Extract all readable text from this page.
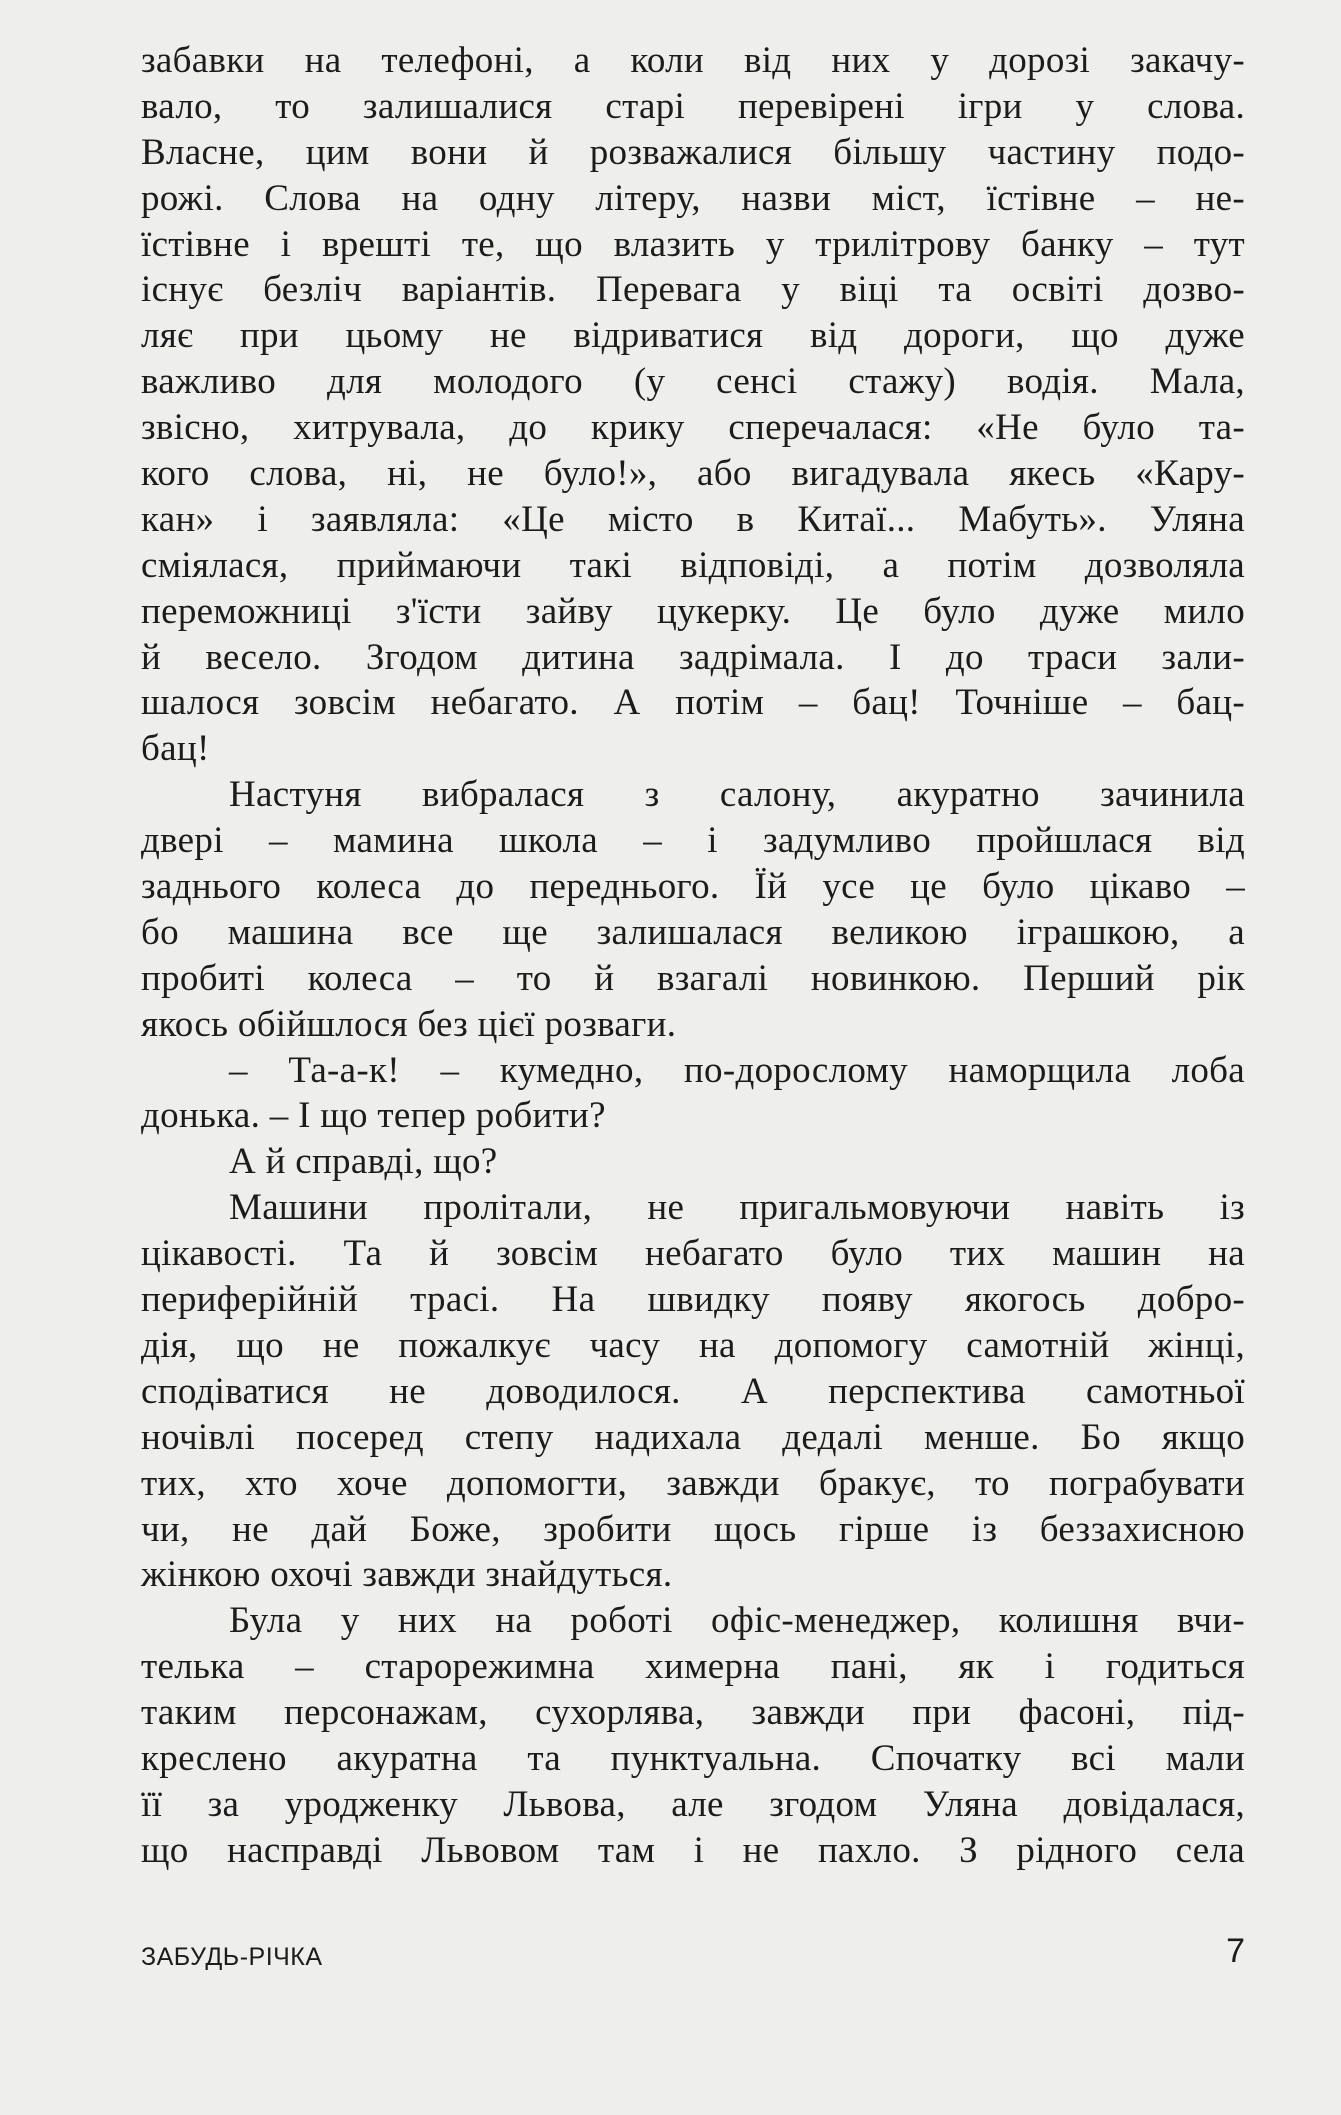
забавки на телефоні, а коли від них у дорозі закачу-
вало, то залишалися старі перевірені ігри у слова.
Власне, цим вони й розважалися більшу частину подо-
рожі. Слова на одну літеру, назви міст, їстівне – не-
їстівне і врешті те, що влазить у трилітрову банку – тут
існує безліч варіантів. Перевага у віці та освіті дозво-
ляє при цьому не відриватися від дороги, що дуже
важливо для молодого (у сенсі стажу) водія. Мала,
звісно, хитрувала, до крику сперечалася: «Не було та-
кого слова, ні, не було!», або вигадувала якесь «Кару-
кан» і заявляла: «Це місто в Китаї... Мабуть». Уляна
сміялася, приймаючи такі відповіді, а потім дозволяла
переможниці з'їсти зайву цукерку. Це було дуже мило
й весело. Згодом дитина задрімала. І до траси зали-
шалося зовсім небагато. А потім – бац! Точніше – бац-
бац!
Настуня вибралася з салону, акуратно зачинила
двері – мамина школа – і задумливо пройшлася від
заднього колеса до переднього. Їй усе це було цікаво –
бо машина все ще залишалася великою іграшкою, а
пробиті колеса – то й взагалі новинкою. Перший рік
якось обійшлося без цієї розваги.
– Та-а-к! – кумедно, по-дорослому наморщила лоба
донька. – І що тепер робити?
А й справді, що?
Машини пролітали, не пригальмовуючи навіть із
цікавості. Та й зовсім небагато було тих машин на
периферійній трасі. На швидку появу якогось добро-
дія, що не пожалкує часу на допомогу самотній жінці,
сподіватися не доводилося. А перспектива самотньої
ночівлі посеред степу надихала дедалі менше. Бо якщо
тих, хто хоче допомогти, завжди бракує, то пограбувати
чи, не дай Боже, зробити щось гірше із беззахисною
жінкою охочі завжди знайдуться.
Була у них на роботі офіс-менеджер, колишня вчи-
телька – старорежимна химерна пані, як і годиться
таким персонажам, сухорлява, завжди при фасоні, під-
креслено акуратна та пунктуальна. Спочатку всі мали
її за уродженку Львова, але згодом Уляна довідалася,
що насправді Львовом там і не пахло. З рідного села
ЗАБУДЬ-РІЧКА	7
